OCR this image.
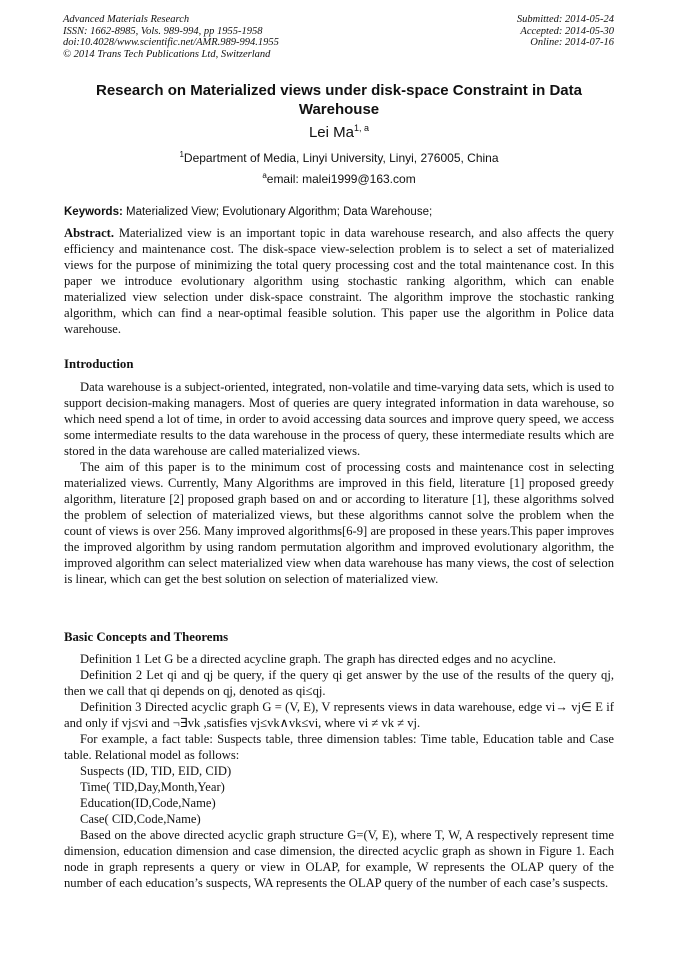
Advanced Materials Research
ISSN: 1662-8985, Vols. 989-994, pp 1955-1958
doi:10.4028/www.scientific.net/AMR.989-994.1955
© 2014 Trans Tech Publications Ltd, Switzerland
Submitted: 2014-05-24
Accepted: 2014-05-30
Online: 2014-07-16
Research on Materialized views under disk-space Constraint in Data Warehouse
Lei Ma$^{1, a}$
$^1$Department of Media, Linyi University, Linyi, 276005, China
$^a$email: malei1999@163.com
Keywords: Materialized View; Evolutionary Algorithm; Data Warehouse;

Abstract. Materialized view is an important topic in data warehouse research, and also affects the query efficiency and maintenance cost. The disk-space view-selection problem is to select a set of materialized views for the purpose of minimizing the total query processing cost and the total maintenance cost. In this paper we introduce evolutionary algorithm using stochastic ranking algorithm, which can enable materialized view selection under disk-space constraint. The algorithm improve the stochastic ranking algorithm, which can find a near-optimal feasible solution. This paper use the algorithm in Police data warehouse.

Introduction

Data warehouse is a subject-oriented, integrated, non-volatile and time-varying data sets, which is used to support decision-making managers. Most of queries are query integrated information in data warehouse, so which need spend a lot of time, in order to avoid accessing data sources and improve query speed, we access some intermediate results to the data warehouse in the process of query, these intermediate results which are stored in the data warehouse are called materialized views.

The aim of this paper is to the minimum cost of processing costs and maintenance cost in selecting materialized views. Currently, Many Algorithms are improved in this field, literature [1] proposed greedy algorithm, literature [2] proposed graph based on and or according to literature [1], these algorithms solved the problem of selection of materialized views, but these algorithms cannot solve the problem when the count of views is over 256. Many improved algorithms[6-9] are proposed in these years.This paper improves the improved algorithm by using random permutation algorithm and improved evolutionary algorithm, the improved algorithm can select materialized view when data warehouse has many views, the cost of selection is linear, which can get the best solution on selection of materialized view.

Basic Concepts and Theorems

Definition 1 Let G be a directed acycline graph. The graph has directed edges and no acycline.

Definition 2 Let qi and qj be query, if the query qi get answer by the use of the results of the query qj, then we call that qi depends on qj, denoted as qi≤qj.

Definition 3 Directed acyclic graph G = (V, E), V represents views in data warehouse, edge vi→ vj∈ E if and only if vj≤vi and ¬∃vk ,satisfies vj≤vk∧vk≤vi, where vi ≠ vk ≠ vj.

For example, a fact table: Suspects table, three dimension tables: Time table, Education table and Case table. Relational model as follows:

Suspects (ID, TID, EID, CID)

Time( TID,Day,Month,Year)

Education(ID,Code,Name)

Case( CID,Code,Name)

Based on the above directed acyclic graph structure G=(V, E), where T, W, A respectively represent time dimension, education dimension and case dimension, the directed acyclic graph as shown in Figure 1. Each node in graph represents a query or view in OLAP, for example, W represents the OLAP query of the number of each education’s suspects, WA represents the OLAP query of the number of each case’s suspects.
